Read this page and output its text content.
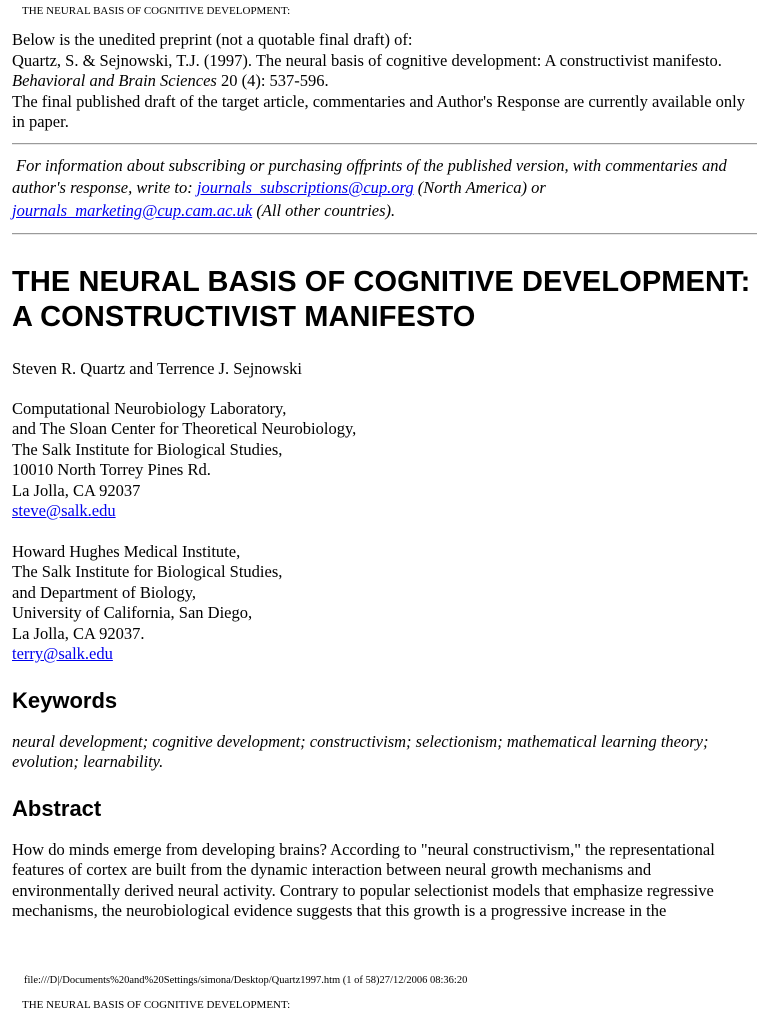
THE NEURAL BASIS OF COGNITIVE DEVELOPMENT:

Below is the unedited preprint (not a quotable final draft) of:

Quartz, S. & Sejnowski, T.J. (1997). The neural basis of cognitive development: A constructivist manifesto.

Behavioral and Brain Sciences 20 (4): 537-596.

The final published draft of the target article, commentaries and Author's Response are currently available only in paper.

For information about subscribing or purchasing offprints of the published version, with commentaries and author's response, write to: journals_subscriptions@cup.org (North America) or
journals_marketing@cup.cam.ac.uk (All other countries).

THE NEURAL BASIS OF COGNITIVE DEVELOPMENT: A CONSTRUCTIVIST MANIFESTO

Steven R. Quartz and Terrence J. Sejnowski

Computational Neurobiology Laboratory,

and The Sloan Center for Theoretical Neurobiology,

The Salk Institute for Biological Studies,

10010 North Torrey Pines Rd.

La Jolla, CA 92037

steve@salk.edu

Howard Hughes Medical Institute,

The Salk Institute for Biological Studies,

and Department of Biology,

University of California, San Diego,

La Jolla, CA 92037.

terry@salk.edu

Keywords

neural development; cognitive development; constructivism; selectionism; mathematical learning theory; evolution; learnability.

Abstract

How do minds emerge from developing brains? According to "neural constructivism," the representational features of cortex are built from the dynamic interaction between neural growth mechanisms and environmentally derived neural activity. Contrary to popular selectionist models that emphasize regressive mechanisms, the neurobiological evidence suggests that this growth is a progressive increase in the

file:///D|/Documents%20and%20Settings/simona/Desktop/Quartz1997.htm (1 of 58)27/12/2006 08:36:20
THE NEURAL BASIS OF COGNITIVE DEVELOPMENT:
